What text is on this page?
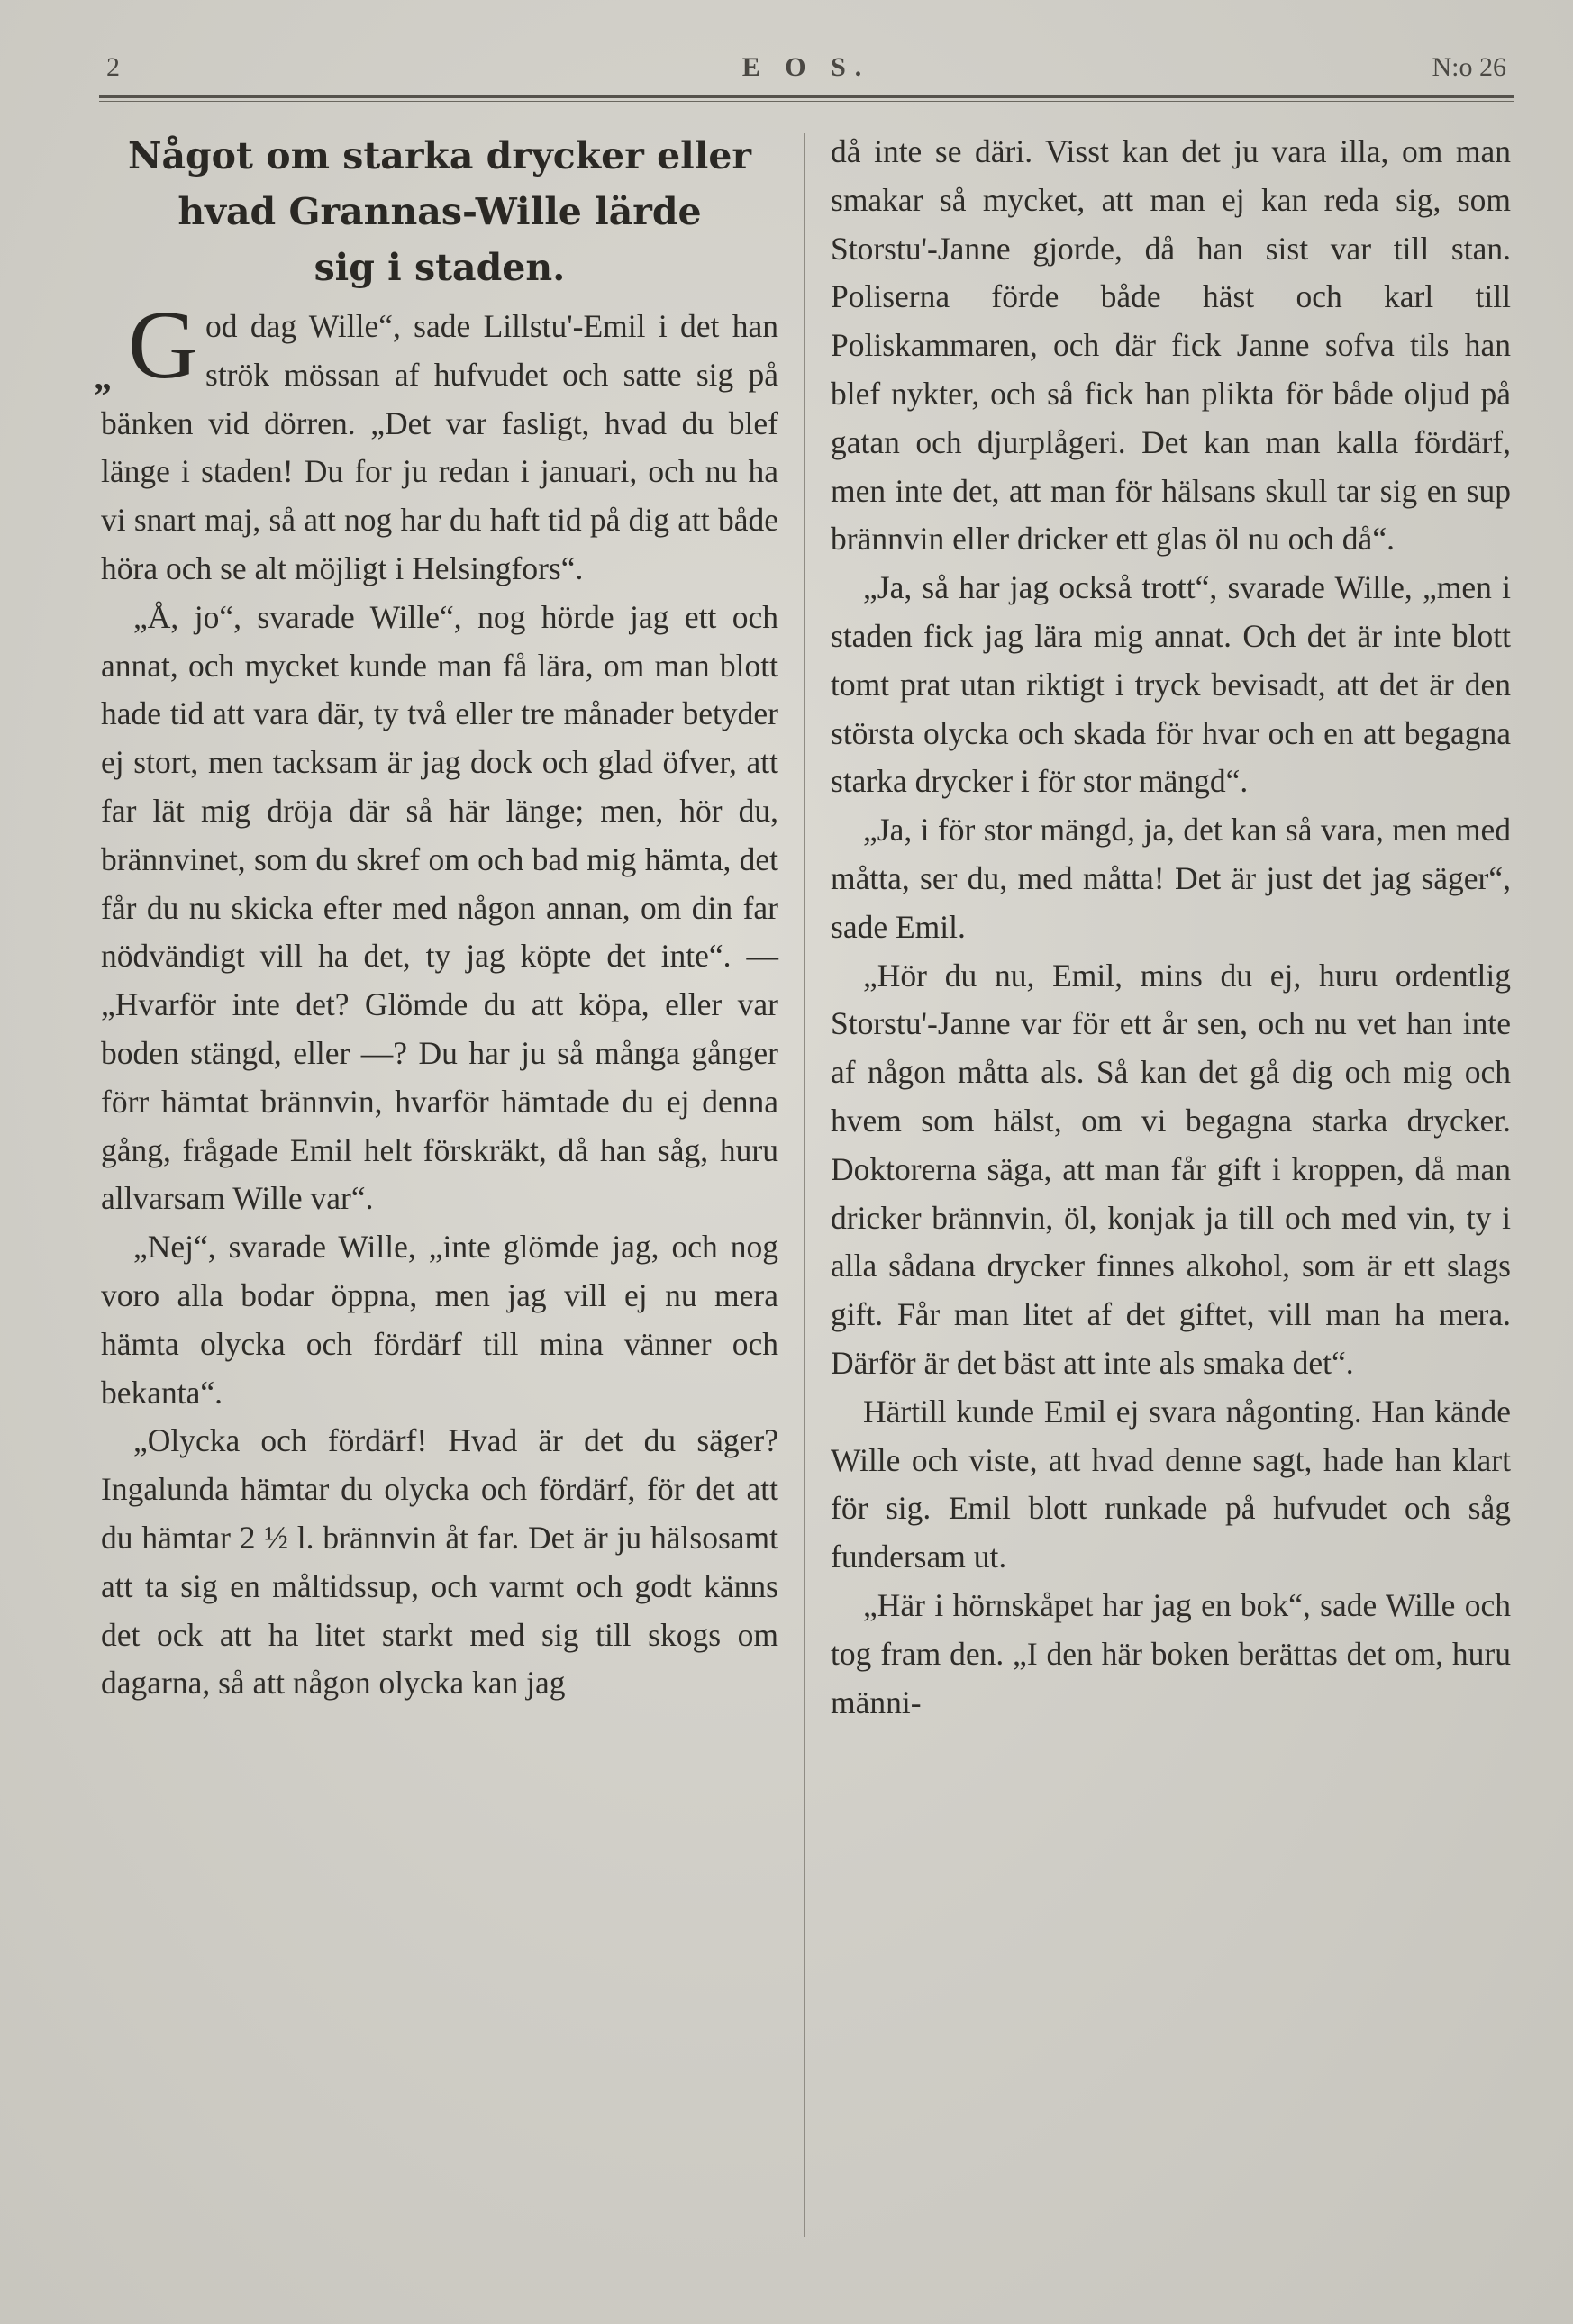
2	E O S.	N:o 26
Något om starka drycker eller
hvad Grannas-Wille lärde
sig i staden.
„ G od dag Wille“, sade Lillstu'-Emil i det han strök mössan af hufvudet och satte sig på bänken vid dörren. „Det var fasligt, hvad du blef länge i staden! Du for ju redan i januari, och nu ha vi snart maj, så att nog har du haft tid på dig att både höra och se alt möjligt i Helsingfors“.

„Å, jo“, svarade Wille“, nog hörde jag ett och annat, och mycket kunde man få lära, om man blott hade tid att vara där, ty två eller tre månader betyder ej stort, men tacksam är jag dock och glad öfver, att far lät mig dröja där så här länge; men, hör du, brännvinet, som du skref om och bad mig hämta, det får du nu skicka efter med någon annan, om din far nödvändigt vill ha det, ty jag köpte det inte“. — „Hvarför inte det? Glömde du att köpa, eller var boden stängd, eller —? Du har ju så många gånger förr hämtat brännvin, hvarför hämtade du ej denna gång, frågade Emil helt förskräkt, då han såg, huru allvarsam Wille var“.

„Nej“, svarade Wille, „inte glömde jag, och nog voro alla bodar öppna, men jag vill ej nu mera hämta olycka och fördärf till mina vänner och bekanta“.

„Olycka och fördärf! Hvad är det du säger? Ingalunda hämtar du olycka och fördärf, för det att du hämtar 2 ½ l. brännvin åt far. Det är ju hälsosamt att ta sig en måltidssup, och varmt och godt känns det ock att ha litet starkt med sig till skogs om dagarna, så att någon olycka kan jag

då inte se däri. Visst kan det ju vara illa, om man smakar så mycket, att man ej kan reda sig, som Storstu'-Janne gjorde, då han sist var till stan. Poliserna förde både häst och karl till Poliskammaren, och där fick Janne sofva tils han blef nykter, och så fick han plikta för både oljud på gatan och djurplågeri. Det kan man kalla fördärf, men inte det, att man för hälsans skull tar sig en sup brännvin eller dricker ett glas öl nu och då“.

„Ja, så har jag också trott“, svarade Wille, „men i staden fick jag lära mig annat. Och det är inte blott tomt prat utan riktigt i tryck bevisadt, att det är den största olycka och skada för hvar och en att begagna starka drycker i för stor mängd“.

„Ja, i för stor mängd, ja, det kan så vara, men med måtta, ser du, med måtta! Det är just det jag säger“, sade Emil.

„Hör du nu, Emil, mins du ej, huru ordentlig Storstu'-Janne var för ett år sen, och nu vet han inte af någon måtta als. Så kan det gå dig och mig och hvem som hälst, om vi begagna starka drycker. Doktorerna säga, att man får gift i kroppen, då man dricker brännvin, öl, konjak ja till och med vin, ty i alla sådana drycker finnes alkohol, som är ett slags gift. Får man litet af det giftet, vill man ha mera. Därför är det bäst att inte als smaka det“.

Härtill kunde Emil ej svara någonting. Han kände Wille och viste, att hvad denne sagt, hade han klart för sig. Emil blott runkade på hufvudet och såg fundersam ut.

„Här i hörnskåpet har jag en bok“, sade Wille och tog fram den. „I den här boken berättas det om, huru männi-
